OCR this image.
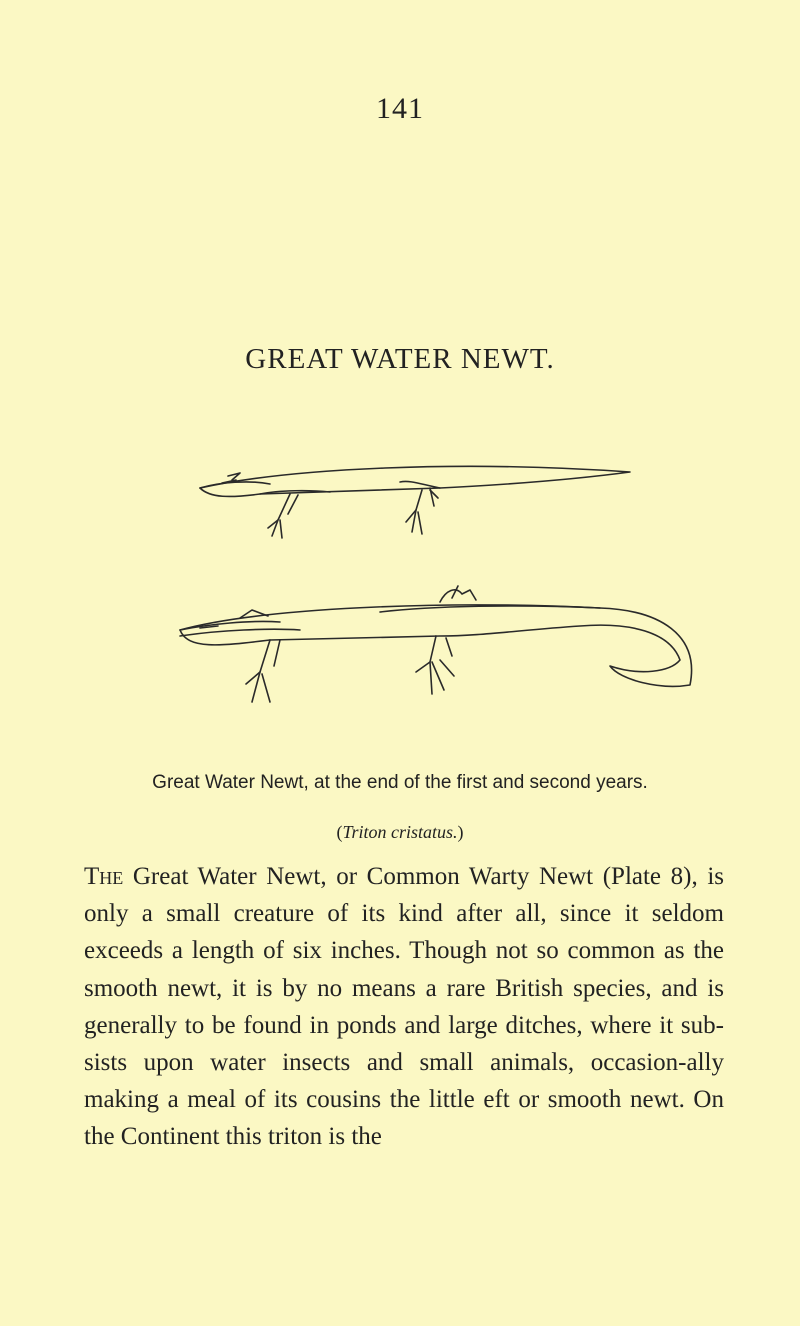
141
GREAT WATER NEWT.
Great Water Newt, at the end of the first and second years.
(Triton cristatus.)

The Great Water Newt, or Common Warty Newt (Plate 8), is only a small creature of its kind after all, since it seldom exceeds a length of six inches. Though not so common as the smooth newt, it is by no means a rare British species, and is generally to be found in ponds and large ditches, where it sub-sists upon water insects and small animals, occasion-ally making a meal of its cousins the little eft or smooth newt. On the Continent this triton is the
